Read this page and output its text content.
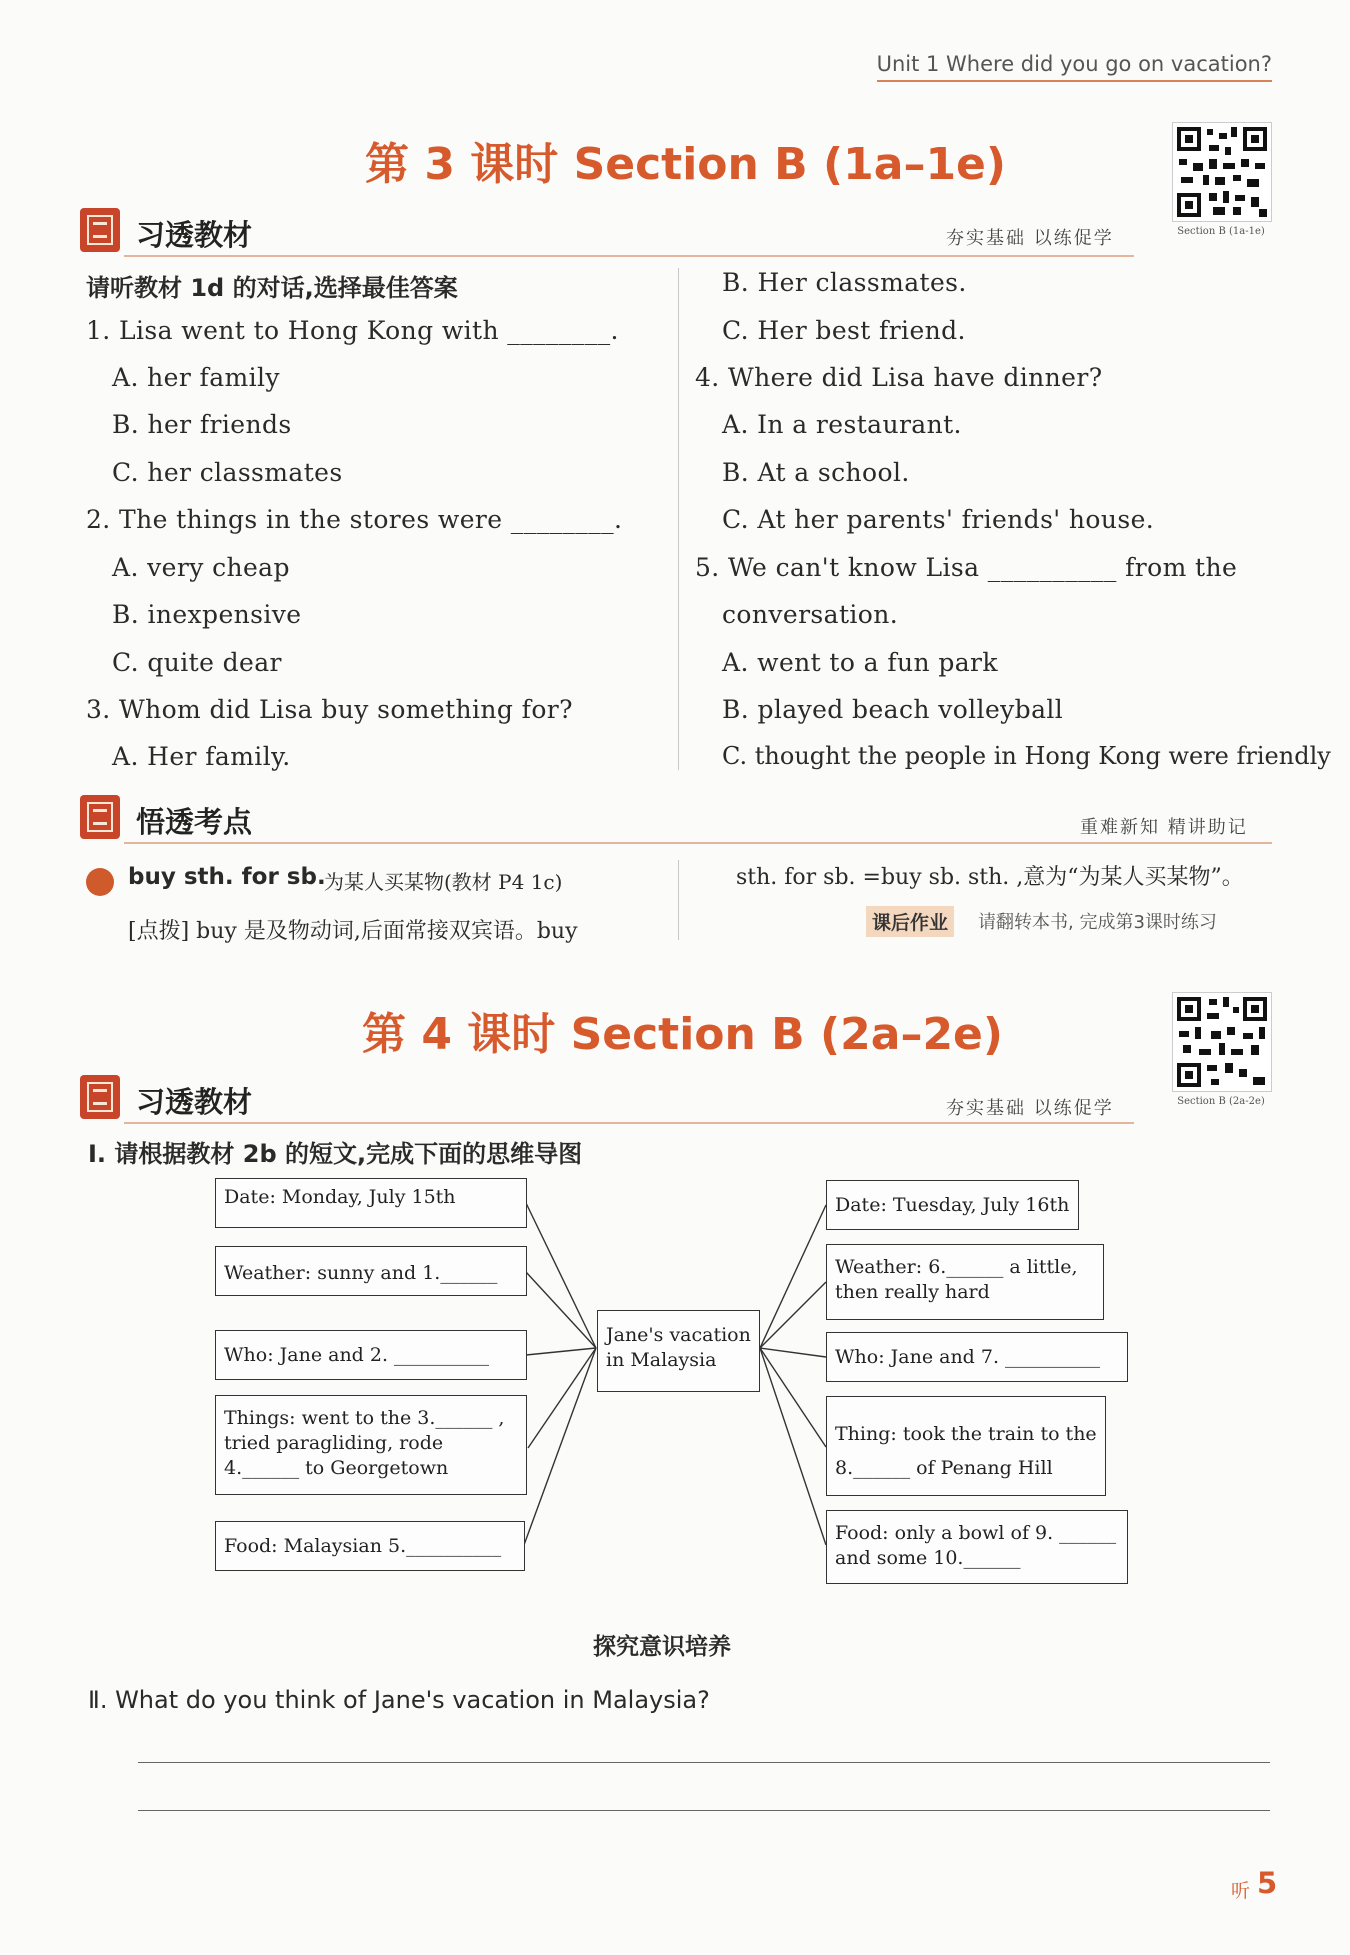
Unit 1 Where did you go on vacation?
第 3 课时 Section B (1a–1e)
Section B (1a-1e)
习透教材	夯实基础 以练促学
请听教材 1d 的对话,选择最佳答案
1. Lisa went to Hong Kong with ________.
A. her family
B. her friends
C. her classmates
2. The things in the stores were ________.
A. very cheap
B. inexpensive
C. quite dear
3. Whom did Lisa buy something for?
A. Her family.
B. Her classmates.
C. Her best friend.
4. Where did Lisa have dinner?
A. In a restaurant.
B. At a school.
C. At her parents' friends' house.
5. We can't know Lisa __________ from the
conversation.
A. went to a fun park
B. played beach volleyball
C. thought the people in Hong Kong were friendly
悟透考点	重难新知 精讲助记
buy sth. for sb.
为某人买某物(教材 P4 1c)
[点拨] buy 是及物动词,后面常接双宾语。buy
sth. for sb. =buy sb. sth. ,意为“为某人买某物”。
课后作业	请翻转本书, 完成第3课时练习
第 4 课时 Section B (2a–2e)
Section B (2a-2e)
习透教材	夯实基础 以练促学
Ⅰ. 请根据教材 2b 的短文,完成下面的思维导图
Date: Monday, July 15th
Weather: sunny and 1.______
Who: Jane and 2. __________
Things: went to the 3.______ , tried paragliding, rode 4.______ to Georgetown
Food: Malaysian 5.__________
Jane's vacation in Malaysia
Date: Tuesday, July 16th
Weather: 6.______ a little, then really hard
Who: Jane and 7. __________
Thing: took the train to the 8.______ of Penang Hill
Food: only a bowl of 9. ______ and some 10.______
探究意识培养
Ⅱ. What do you think of Jane's vacation in Malaysia?
听 5
